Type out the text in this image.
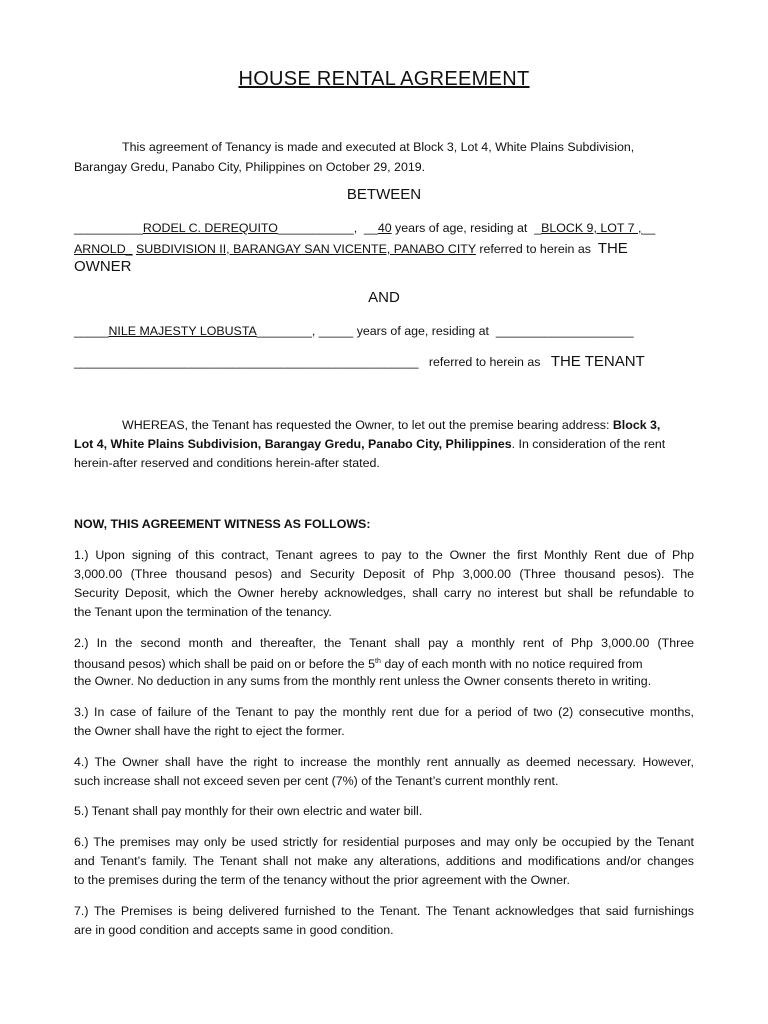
HOUSE RENTAL AGREEMENT
This agreement of Tenancy is made and executed at Block 3, Lot 4, White Plains Subdivision,
Barangay Gredu, Panabo City, Philippines on October 29, 2019.
BETWEEN
__________RODEL C. DEREQUITO___________,  __40 years of age, residing at  _BLOCK 9, LOT 7 ,__
ARNOLD_ SUBDIVISION II, BARANGAY SAN VICENTE, PANABO CITY referred to herein as THE
OWNER
AND
_____NILE MAJESTY LOBUSTA________, _____ years of age, residing at  ____________________
__________________________________________________   referred to herein as   THE TENANT
WHEREAS, the Tenant has requested the Owner, to let out the premise bearing address: Block 3,
Lot 4, White Plains Subdivision, Barangay Gredu, Panabo City, Philippines. In consideration of the rent
herein-after reserved and conditions herein-after stated.
NOW, THIS AGREEMENT WITNESS AS FOLLOWS:
1.) Upon signing of this contract, Tenant agrees to pay to the Owner the first Monthly Rent due of Php
3,000.00 (Three thousand pesos) and Security Deposit of Php 3,000.00 (Three thousand pesos). The
Security Deposit, which the Owner hereby acknowledges, shall carry no interest but shall be refundable to
the Tenant upon the termination of the tenancy.
2.) In the second month and thereafter, the Tenant shall pay a monthly rent of Php 3,000.00 (Three
thousand pesos) which shall be paid on or before the 5th day of each month with no notice required from
the Owner. No deduction in any sums from the monthly rent unless the Owner consents thereto in writing.
3.) In case of failure of the Tenant to pay the monthly rent due for a period of two (2) consecutive months,
the Owner shall have the right to eject the former.
4.) The Owner shall have the right to increase the monthly rent annually as deemed necessary. However,
such increase shall not exceed seven per cent (7%) of the Tenant’s current monthly rent.
5.) Tenant shall pay monthly for their own electric and water bill.
6.) The premises may only be used strictly for residential purposes and may only be occupied by the Tenant
and Tenant’s family. The Tenant shall not make any alterations, additions and modifications and/or changes
to the premises during the term of the tenancy without the prior agreement with the Owner.
7.) The Premises is being delivered furnished to the Tenant. The Tenant acknowledges that said furnishings
are in good condition and accepts same in good condition.
